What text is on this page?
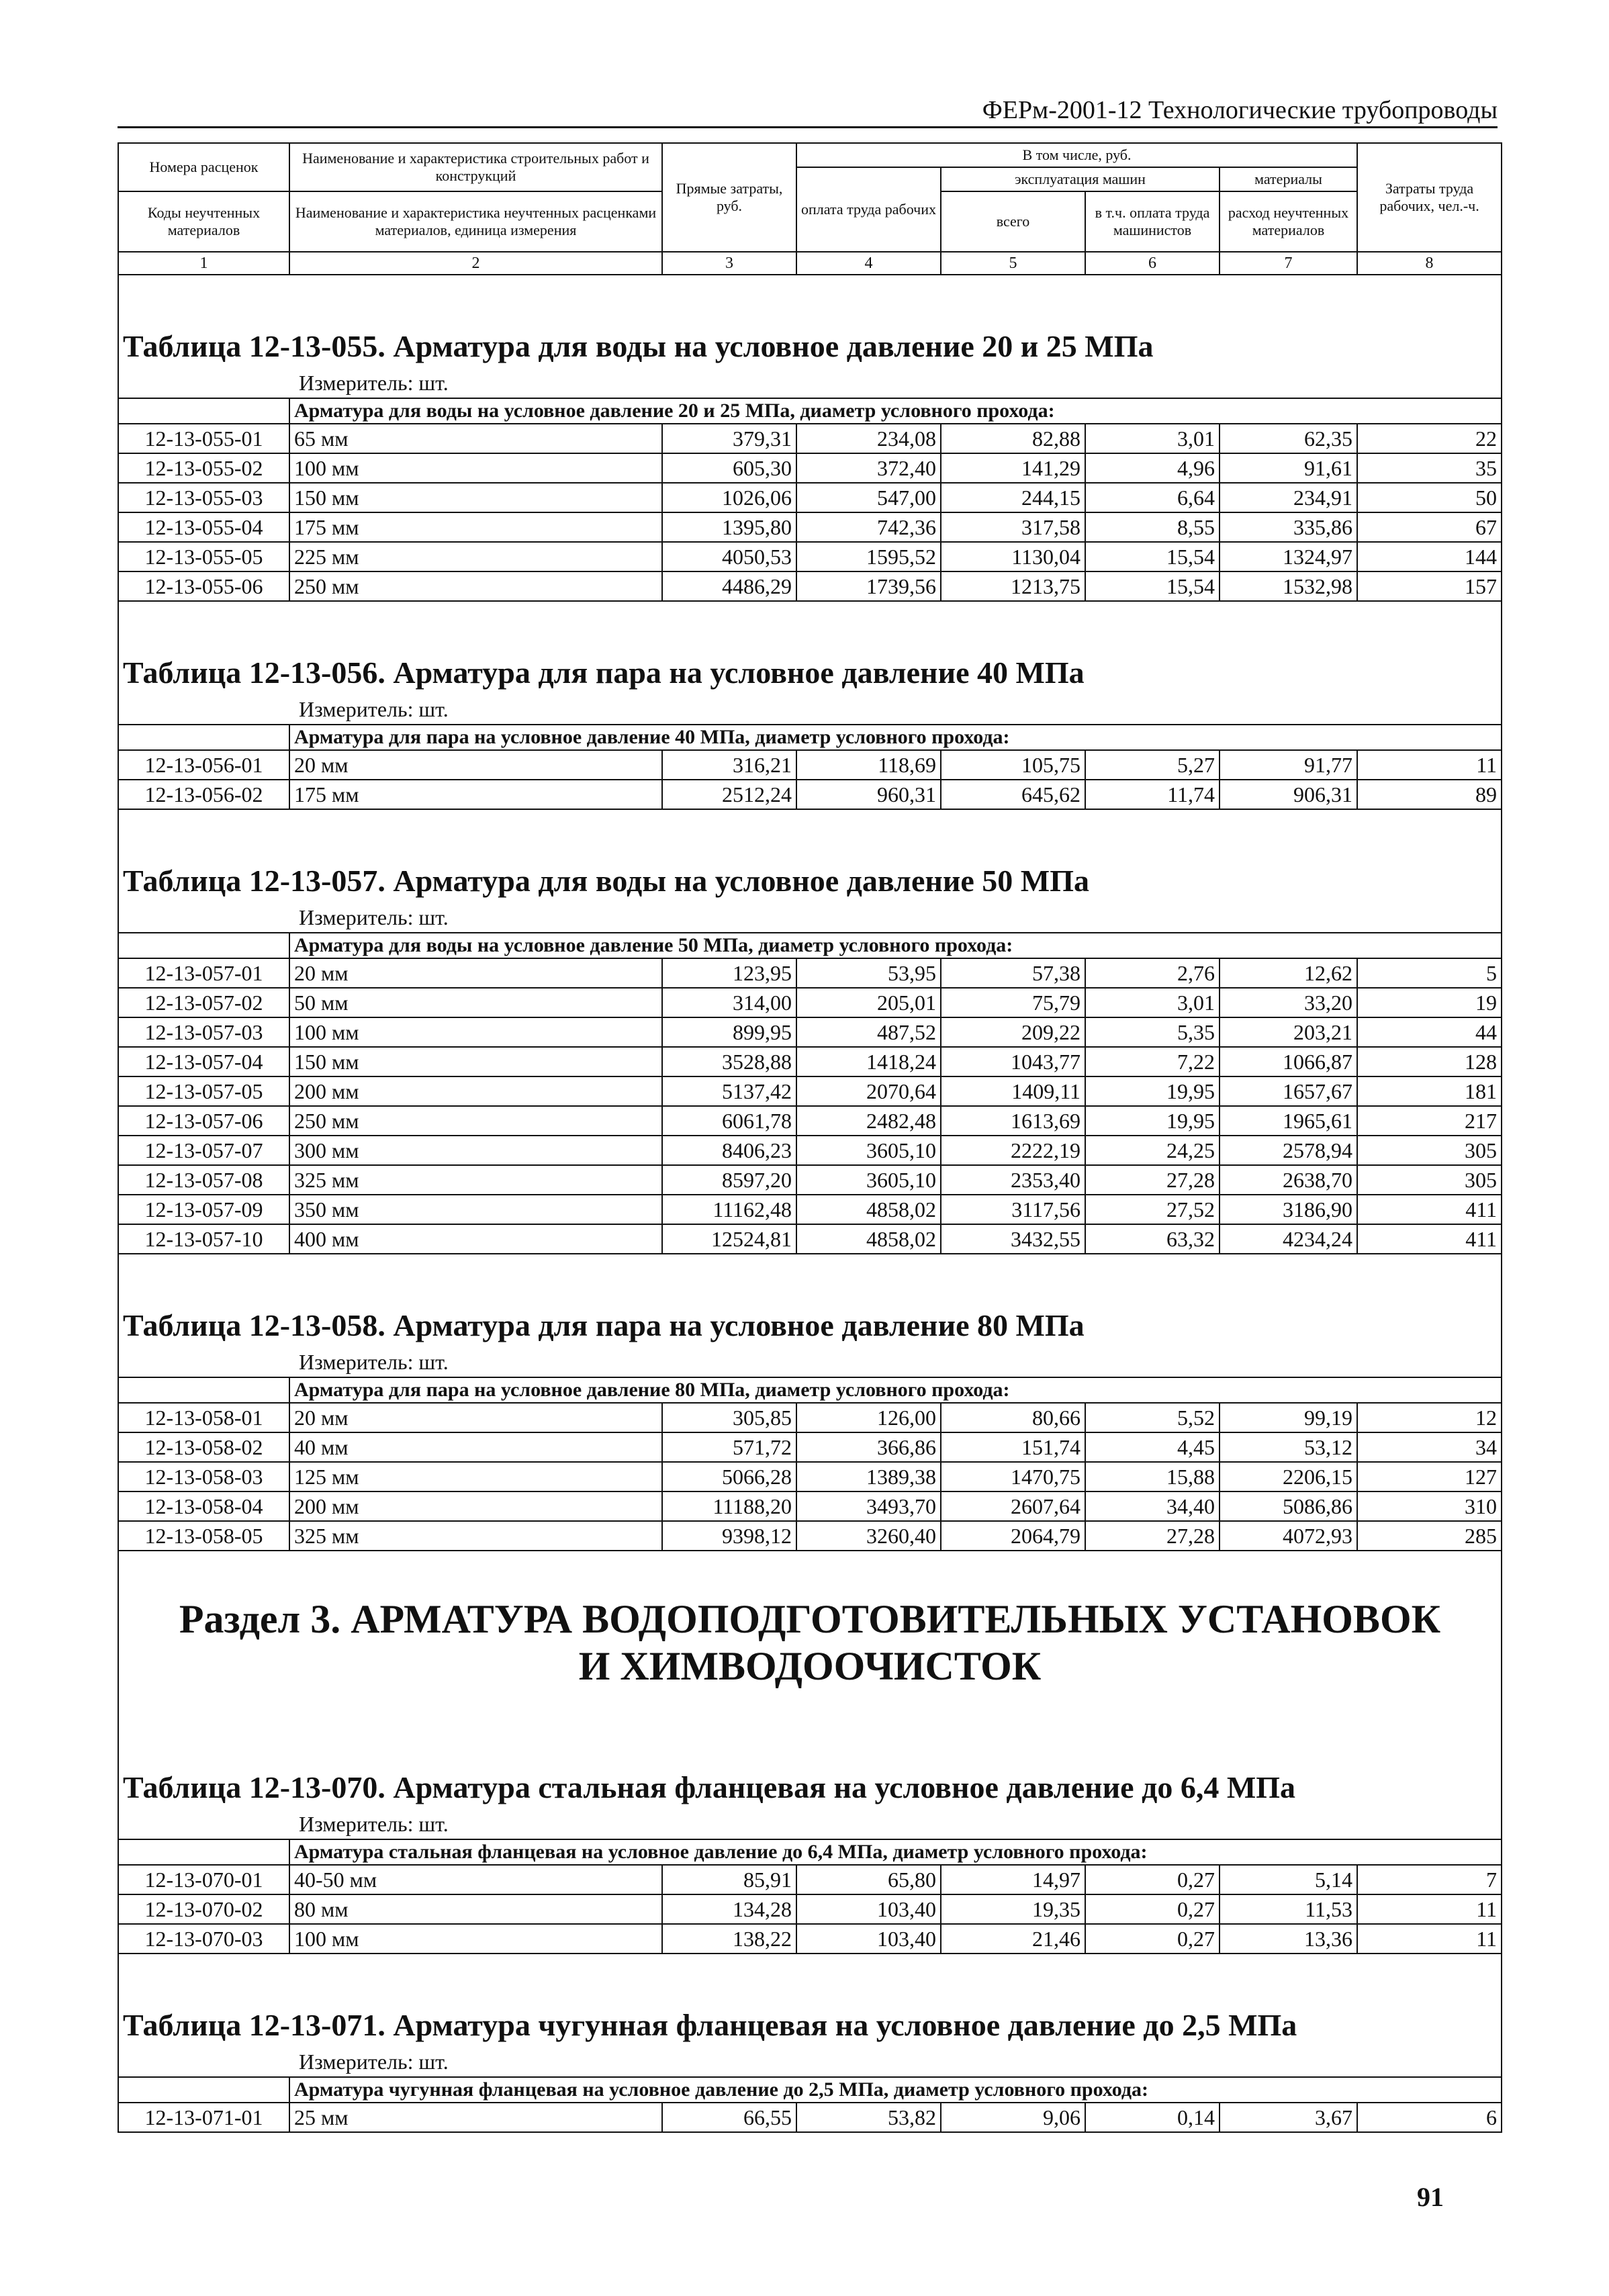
ФЕРм-2001-12 Технологические трубопроводы
Номера расценок	Наименование и характеристика строительных работ и конструкций	Прямые затраты, руб.	В том числе, руб.				Затраты труда рабочих, чел.-ч.
			оплата труда рабочих	эксплуатация машин		материалы	
Коды неучтенных материалов	Наименование и характеристика неучтенных расценками материалов, единица измерения			всего	в т.ч. оплата труда машинистов	расход неучтенных материалов	

1	2	3	4	5	6	7	8
Таблица 12-13-055. Арматура для воды на условное давление 20 и 25 МПа							
Измеритель: шт.							
	Арматура для воды на условное давление 20 и 25 МПа, диаметр условного прохода:						
12-13-055-01	65 мм	379,31	234,08	82,88	3,01	62,35	22
12-13-055-02	100 мм	605,30	372,40	141,29	4,96	91,61	35
12-13-055-03	150 мм	1026,06	547,00	244,15	6,64	234,91	50
12-13-055-04	175 мм	1395,80	742,36	317,58	8,55	335,86	67
12-13-055-05	225 мм	4050,53	1595,52	1130,04	15,54	1324,97	144
12-13-055-06	250 мм	4486,29	1739,56	1213,75	15,54	1532,98	157
Таблица 12-13-056. Арматура для пара на условное давление 40 МПа							
Измеритель: шт.							
	Арматура для пара на условное давление 40 МПа, диаметр условного прохода:						
12-13-056-01	20 мм	316,21	118,69	105,75	5,27	91,77	11
12-13-056-02	175 мм	2512,24	960,31	645,62	11,74	906,31	89
Таблица 12-13-057. Арматура для воды на условное давление 50 МПа							
Измеритель: шт.							
	Арматура для воды на условное давление 50 МПа, диаметр условного прохода:						
12-13-057-01	20 мм	123,95	53,95	57,38	2,76	12,62	5
12-13-057-02	50 мм	314,00	205,01	75,79	3,01	33,20	19
12-13-057-03	100 мм	899,95	487,52	209,22	5,35	203,21	44
12-13-057-04	150 мм	3528,88	1418,24	1043,77	7,22	1066,87	128
12-13-057-05	200 мм	5137,42	2070,64	1409,11	19,95	1657,67	181
12-13-057-06	250 мм	6061,78	2482,48	1613,69	19,95	1965,61	217
12-13-057-07	300 мм	8406,23	3605,10	2222,19	24,25	2578,94	305
12-13-057-08	325 мм	8597,20	3605,10	2353,40	27,28	2638,70	305
12-13-057-09	350 мм	11162,48	4858,02	3117,56	27,52	3186,90	411
12-13-057-10	400 мм	12524,81	4858,02	3432,55	63,32	4234,24	411
Таблица 12-13-058. Арматура для пара на условное давление 80 МПа							
Измеритель: шт.							
	Арматура для пара на условное давление 80 МПа, диаметр условного прохода:						
12-13-058-01	20 мм	305,85	126,00	80,66	5,52	99,19	12
12-13-058-02	40 мм	571,72	366,86	151,74	4,45	53,12	34
12-13-058-03	125 мм	5066,28	1389,38	1470,75	15,88	2206,15	127
12-13-058-04	200 мм	11188,20	3493,70	2607,64	34,40	5086,86	310
12-13-058-05	325 мм	9398,12	3260,40	2064,79	27,28	4072,93	285

Раздел 3. АРМАТУРА ВОДОПОДГОТОВИТЕЛЬНЫХ УСТАНОВОК И ХИМВОДООЧИСТОК							
Таблица 12-13-070. Арматура стальная фланцевая на условное давление до 6,4 МПа							
Измеритель: шт.							
	Арматура стальная фланцевая на условное давление до 6,4 МПа, диаметр условного прохода:						
12-13-070-01	40-50 мм	85,91	65,80	14,97	0,27	5,14	7
12-13-070-02	80 мм	134,28	103,40	19,35	0,27	11,53	11
12-13-070-03	100 мм	138,22	103,40	21,46	0,27	13,36	11
Таблица 12-13-071. Арматура чугунная фланцевая на условное давление до 2,5 МПа							
Измеритель: шт.							
	Арматура чугунная фланцевая на условное давление до 2,5 МПа, диаметр условного прохода:						
12-13-071-01	25 мм	66,55	53,82	9,06	0,14	3,67	6
91
